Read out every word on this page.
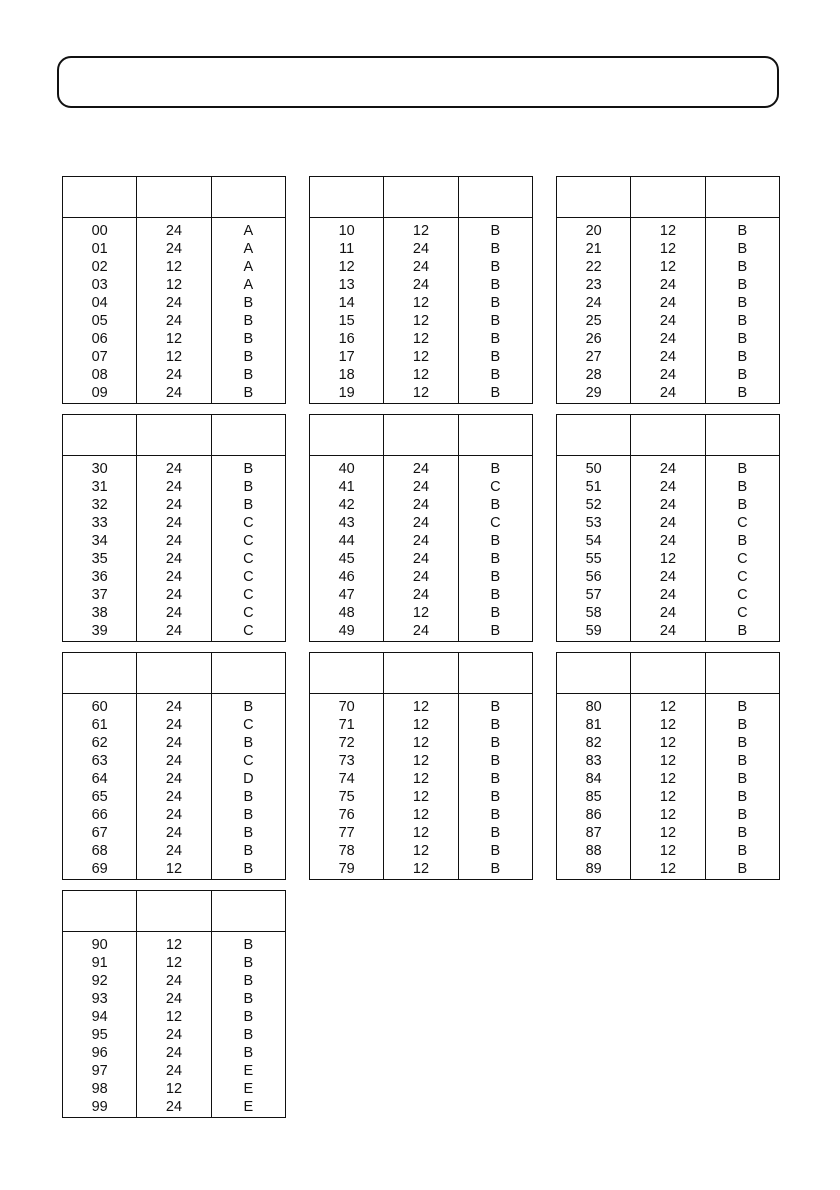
00
01
02
03
04
05
06
07
08
09
24
24
12
12
24
24
12
12
24
24
A
A
A
A
B
B
B
B
B
B
10
11
12
13
14
15
16
17
18
19
12
24
24
24
12
12
12
12
12
12
B
B
B
B
B
B
B
B
B
B
20
21
22
23
24
25
26
27
28
29
12
12
12
24
24
24
24
24
24
24
B
B
B
B
B
B
B
B
B
B
30
31
32
33
34
35
36
37
38
39
24
24
24
24
24
24
24
24
24
24
B
B
B
C
C
C
C
C
C
C
40
41
42
43
44
45
46
47
48
49
24
24
24
24
24
24
24
24
12
24
B
C
B
C
B
B
B
B
B
B
50
51
52
53
54
55
56
57
58
59
24
24
24
24
24
12
24
24
24
24
B
B
B
C
B
C
C
C
C
B
60
61
62
63
64
65
66
67
68
69
24
24
24
24
24
24
24
24
24
12
B
C
B
C
D
B
B
B
B
B
70
71
72
73
74
75
76
77
78
79
12
12
12
12
12
12
12
12
12
12
B
B
B
B
B
B
B
B
B
B
80
81
82
83
84
85
86
87
88
89
12
12
12
12
12
12
12
12
12
12
B
B
B
B
B
B
B
B
B
B
90
91
92
93
94
95
96
97
98
99
12
12
24
24
12
24
24
24
12
24
B
B
B
B
B
B
B
E
E
E
